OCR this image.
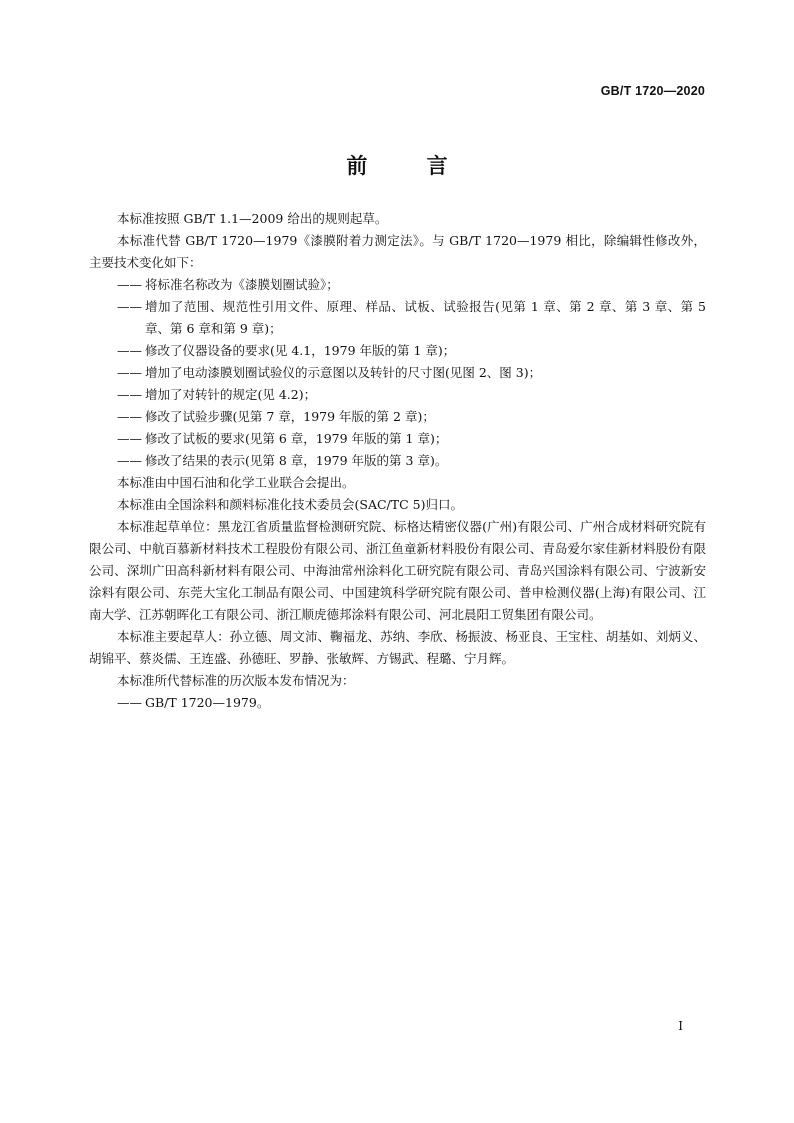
GB/T 1720—2020
前 言

本标准按照 GB/T 1.1—2009 给出的规则起草。

本标准代替 GB/T 1720—1979《漆膜附着力测定法》。与 GB/T 1720—1979 相比，除编辑性修改外，主要技术变化如下：

—— 将标准名称改为《漆膜划圈试验》；
—— 增加了范围、规范性引用文件、原理、样品、试板、试验报告(见第 1 章、第 2 章、第 3 章、第 5 章、第 6 章和第 9 章)；
—— 修改了仪器设备的要求(见 4.1，1979 年版的第 1 章)；
—— 增加了电动漆膜划圈试验仪的示意图以及转针的尺寸图(见图 2、图 3)；
—— 增加了对转针的规定(见 4.2)；
—— 修改了试验步骤(见第 7 章，1979 年版的第 2 章)；
—— 修改了试板的要求(见第 6 章，1979 年版的第 1 章)；
—— 修改了结果的表示(见第 8 章，1979 年版的第 3 章)。

本标准由中国石油和化学工业联合会提出。

本标准由全国涂料和颜料标准化技术委员会(SAC/TC 5)归口。

本标准起草单位：黑龙江省质量监督检测研究院、标格达精密仪器(广州)有限公司、广州合成材料研究院有限公司、中航百慕新材料技术工程股份有限公司、浙江鱼童新材料股份有限公司、青岛爱尔家佳新材料股份有限公司、深圳广田高科新材料有限公司、中海油常州涂料化工研究院有限公司、青岛兴国涂料有限公司、宁波新安涂料有限公司、东莞大宝化工制品有限公司、中国建筑科学研究院有限公司、普申检测仪器(上海)有限公司、江南大学、江苏朝晖化工有限公司、浙江顺虎德邦涂料有限公司、河北晨阳工贸集团有限公司。

本标准主要起草人：孙立德、周文沛、鞠福龙、苏纳、李欣、杨振波、杨亚良、王宝柱、胡基如、刘炳义、胡锦平、蔡炎儒、王连盛、孙德旺、罗静、张敏辉、方锡武、程璐、宁月辉。

本标准所代替标准的历次版本发布情况为：

—— GB/T 1720—1979。
I
